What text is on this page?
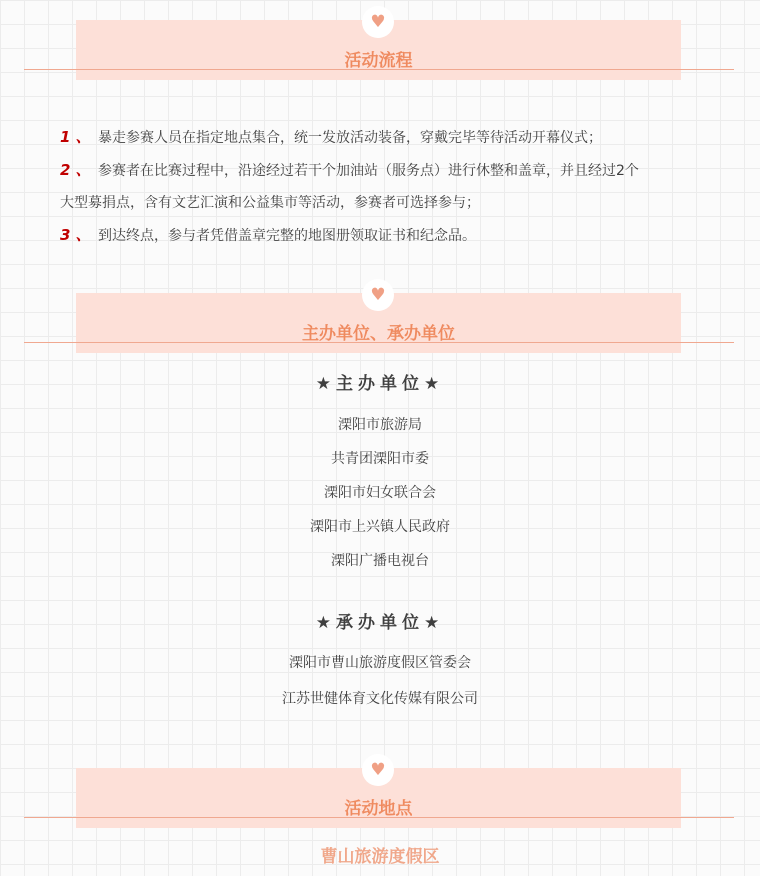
♥
活动流程
1 、 暴走参赛人员在指定地点集合，统一发放活动装备，穿戴完毕等待活动开幕仪式；
2 、 参赛者在比赛过程中，沿途经过若干个加油站（服务点）进行休整和盖章，并且经过2个
大型募捐点，含有文艺汇演和公益集市等活动，参赛者可选择参与；
3 、 到达终点，参与者凭借盖章完整的地图册领取证书和纪念品。
♥
主办单位、承办单位
★主办单位★
溧阳市旅游局
共青团溧阳市委
溧阳市妇女联合会
溧阳市上兴镇人民政府
溧阳广播电视台
★承办单位★
溧阳市曹山旅游度假区管委会
江苏世健体育文化传媒有限公司
♥
活动地点
曹山旅游度假区
